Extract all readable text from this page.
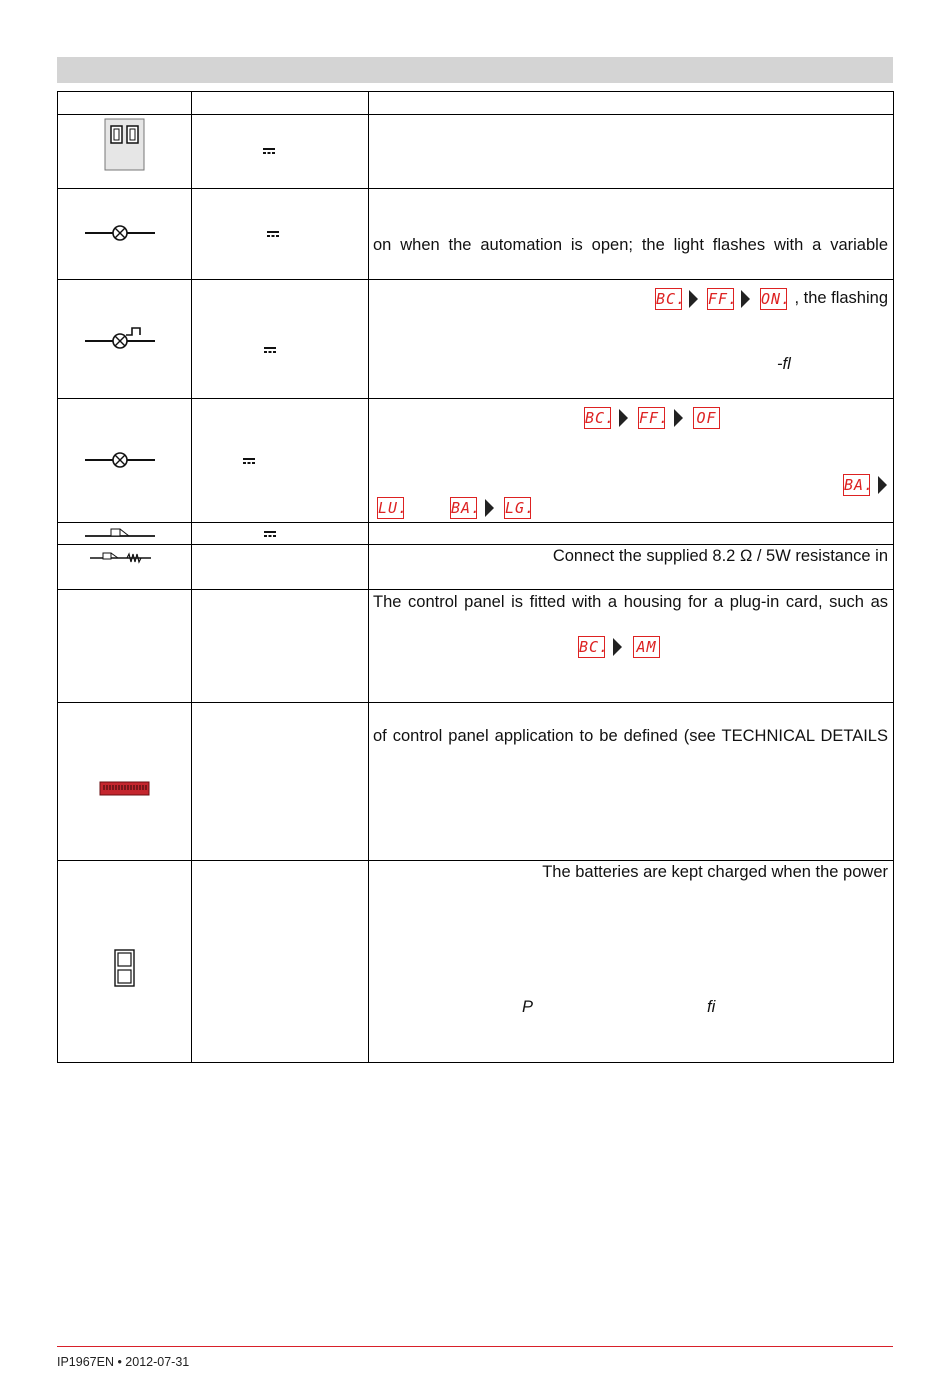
on when the automation is open; the light flashes with a variable
BC. FF. ON. , the flashing
-fl
BC. FF. OF
BA.
LU.	BA. LG.
Connect the supplied 8.2 Ω / 5W resistance in
The control panel is fitted with a housing for a plug-in card, such as
BC. AM
of control panel application to be defined (see TECHNICAL DETAILS
The batteries are kept charged when the power
P	fi
IP1967EN • 2012-07-31
